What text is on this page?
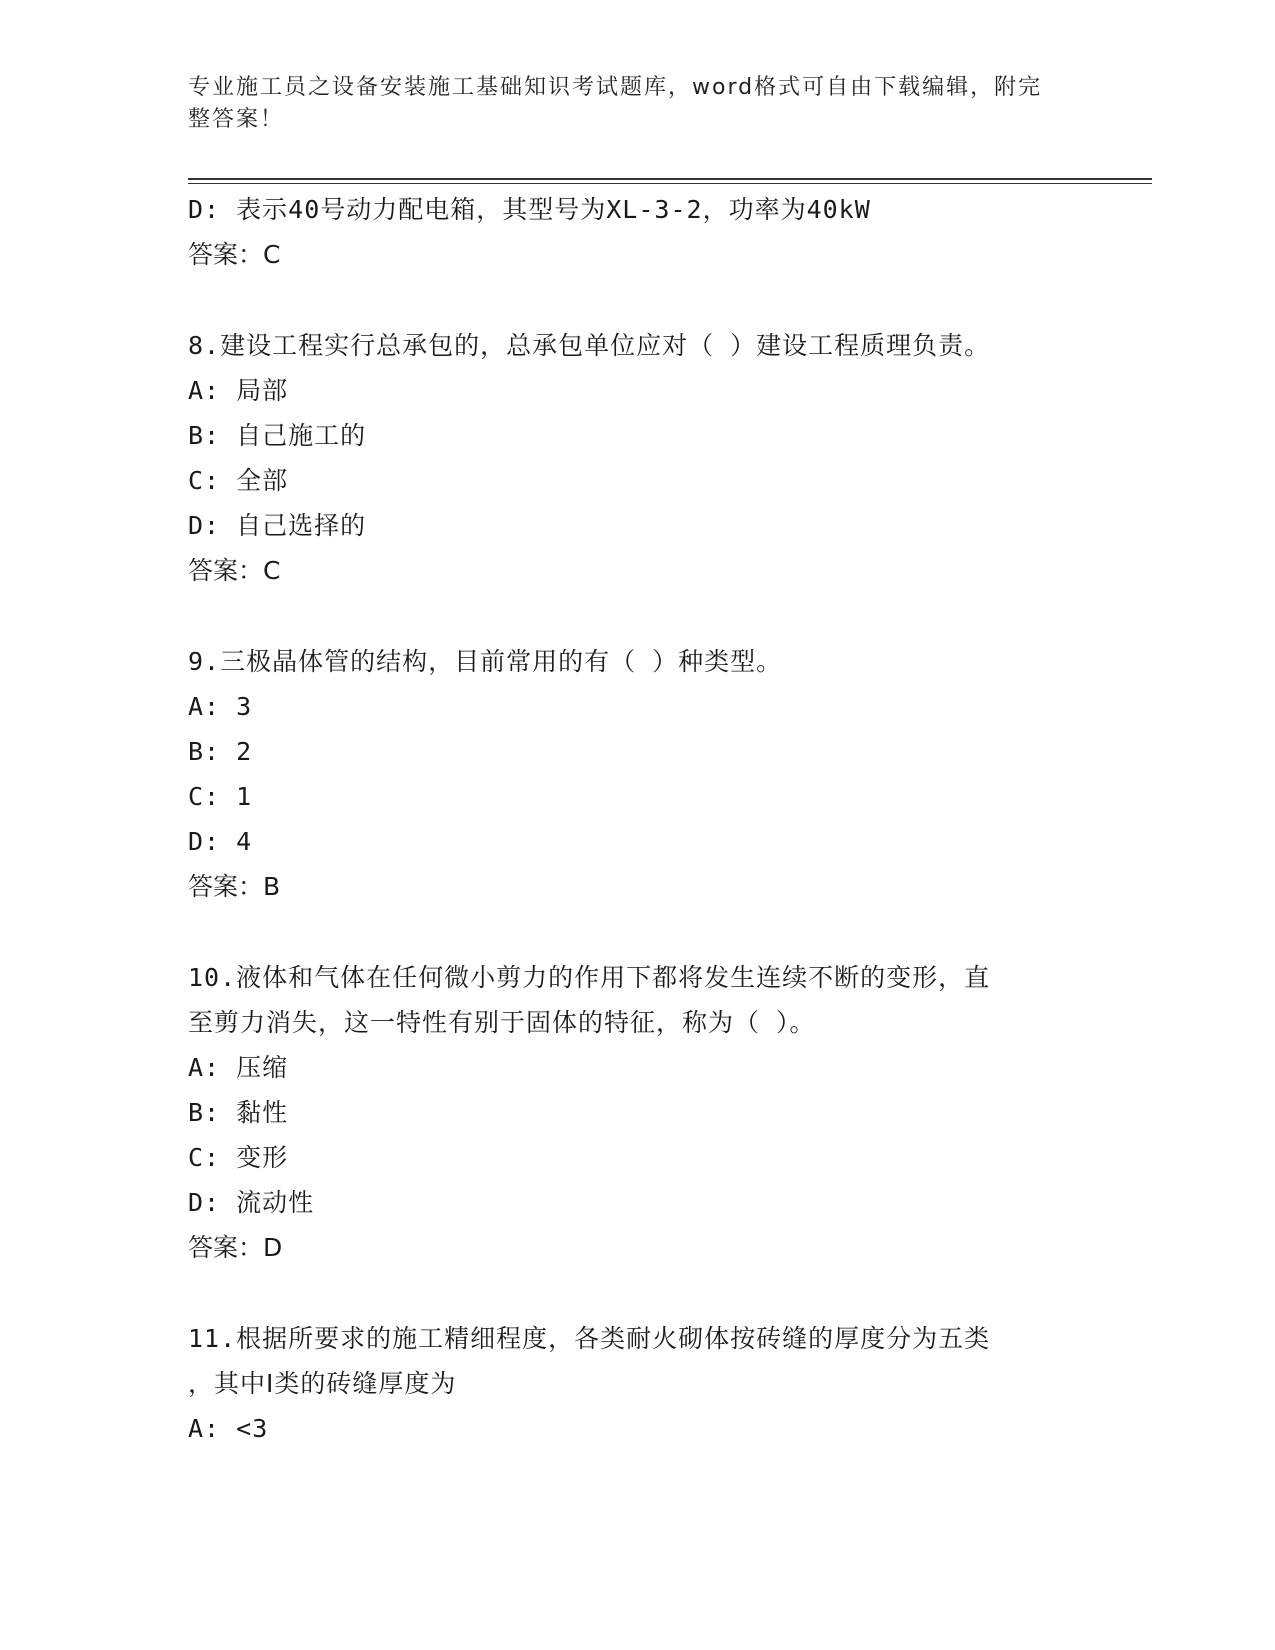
专业施工员之设备安装施工基础知识考试题库，word格式可自由下载编辑，附完
整答案！
D: 表示40号动力配电箱，其型号为XL-3-2，功率为40kW
答案：C
8.建设工程实行总承包的，总承包单位应对（ ）建设工程质理负责。
A: 局部
B: 自己施工的
C: 全部
D: 自己选择的
答案：C
9.三极晶体管的结构，目前常用的有（ ）种类型。
A: 3
B: 2
C: 1
D: 4
答案：B
10.液体和气体在任何微小剪力的作用下都将发生连续不断的变形，直
至剪力消失，这一特性有别于固体的特征，称为（ ）。
A: 压缩
B: 黏性
C: 变形
D: 流动性
答案：D
11.根据所要求的施工精细程度，各类耐火砌体按砖缝的厚度分为五类
，其中Ⅰ类的砖缝厚度为
A: <3
